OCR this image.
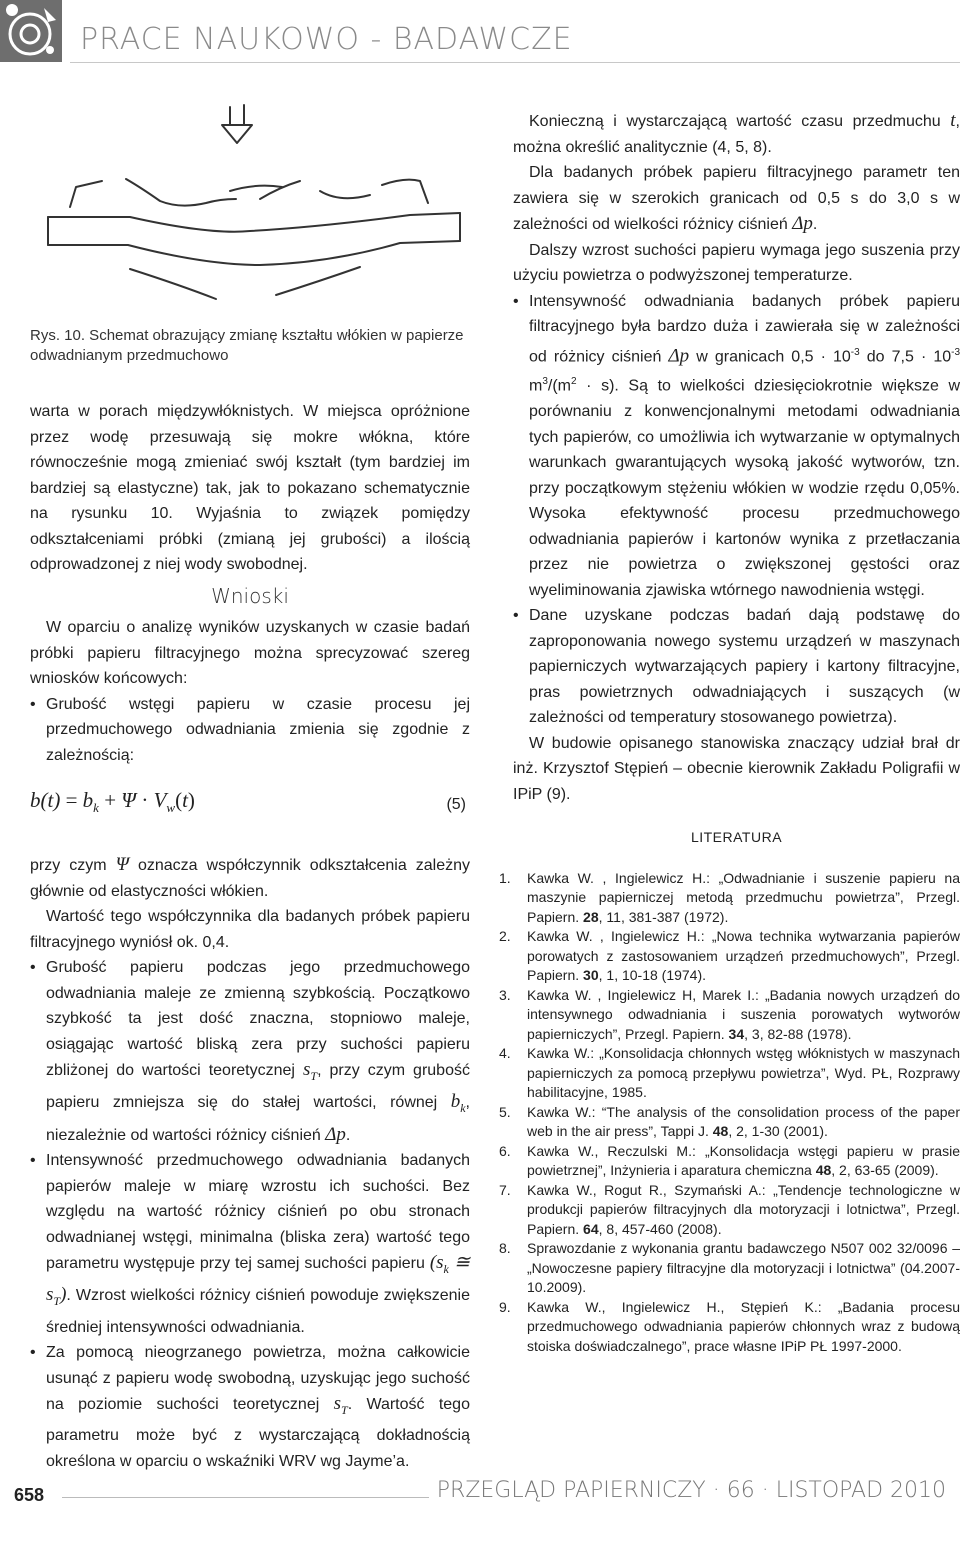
PRACE NAUKOWO - BADAWCZE
Rys. 10. Schemat obrazujący zmianę kształtu włókien w papierze odwadnianym przedmuchowo

warta w porach międzywłóknistych. W miejsca opróżnione przez wodę przesuwają się mokre włókna, które równocześnie mogą zmieniać swój kształt (tym bardziej im bardziej są elastyczne) tak, jak to pokazano schematycznie na rysunku 10. Wyjaśnia to związek pomiędzy odkształceniami próbki (zmianą jej grubości) a ilością odprowadzonej z niej wody swobodnej.

Wnioski

W oparciu o analizę wyników uzyskanych w czasie badań próbki papieru filtracyjnego można sprecyzować szereg wniosków końcowych:

• Grubość wstęgi papieru w czasie procesu jej przedmuchowego odwadniania zmienia się zgodnie z zależnością:
$b(t) = b_k + \Psi \cdot V_w(t)$	(5)

przy czym Ψ oznacza współczynnik odkształcenia zależny głównie od elastyczności włókien.

Wartość tego współczynnika dla badanych próbek papieru filtracyjnego wyniósł ok. 0,4.

• Grubość papieru podczas jego przedmuchowego odwadniania maleje ze zmienną szybkością. Początkowo szybkość ta jest dość znaczna, stopniowo maleje, osiągając wartość bliską zera przy suchości papieru zbliżonej do wartości teoretycznej $s_T$, przy czym grubość papieru zmniejsza się do stałej wartości, równej $b_k$, niezależnie od wartości różnicy ciśnień Δp.
• Intensywność przedmuchowego odwadniania badanych papierów maleje w miarę wzrostu ich suchości. Bez względu na wartość różnicy ciśnień po obu stronach odwadnianej wstęgi, minimalna (bliska zera) wartość tego parametru występuje przy tej samej suchości papieru ($s_k$ ≅ $s_T$). Wzrost wielkości różnicy ciśnień powoduje zwiększenie średniej intensywności odwadniania.
• Za pomocą nieogrzanego powietrza, można całkowicie usunąć z papieru wodę swobodną, uzyskując jego suchość na poziomie suchości teoretycznej $s_T$. Wartość tego parametru może być z wystarczającą dokładnością określona w oparciu o wskaźniki WRV wg Jayme’a.

Konieczną i wystarczającą wartość czasu przedmuchu t, można określić analitycznie (4, 5, 8).

Dla badanych próbek papieru filtracyjnego parametr ten zawiera się w szerokich granicach od 0,5 s do 3,0 s w zależności od wielkości różnicy ciśnień Δp.

Dalszy wzrost suchości papieru wymaga jego suszenia przy użyciu powietrza o podwyższonej temperaturze.

• Intensywność odwadniania badanych próbek papieru filtracyjnego była bardzo duża i zawierała się w zależności od różnicy ciśnień Δp w granicach $0,5 \cdot 10^{-3}$ do $7,5 \cdot 10^{-3}$ $m^3/(m^2 \cdot s)$. Są to wielkości dziesięciokrotnie większe w porównaniu z konwencjonalnymi metodami odwadniania tych papierów, co umożliwia ich wytwarzanie w optymalnych warunkach gwarantujących wysoką jakość wytworów, tzn. przy początkowym stężeniu włókien w wodzie rzędu 0,05%. Wysoka efektywność procesu przedmuchowego odwadniania papierów i kartonów wynika z przetłaczania przez nie powietrza o zwiększonej gęstości oraz wyeliminowania zjawiska wtórnego nawodnienia wstęgi.
• Dane uzyskane podczas badań dają podstawę do zaproponowania nowego systemu urządzeń w maszynach papierniczych wytwarzających papiery i kartony filtracyjne, pras powietrznych odwadniających i suszących (w zależności od temperatury stosowanego powietrza).

W budowie opisanego stanowiska znaczący udział brał dr inż. Krzysztof Stępień – obecnie kierownik Zakładu Poligrafii w IPiP (9).

LITERATURA
1. Kawka W. , Ingielewicz H.: „Odwadnianie i suszenie papieru na maszynie papierniczej metodą przedmuchu powietrza”, Przegl. Papiern. 28, 11, 381-387 (1972).
2. Kawka W. , Ingielewicz H.: „Nowa technika wytwarzania papierów porowatych z zastosowaniem urządzeń przedmuchowych”, Przegl. Papiern. 30, 1, 10-18 (1974).
3. Kawka W. , Ingielewicz H, Marek I.: „Badania nowych urządzeń do intensywnego odwadniania i suszenia porowatych wytworów papierniczych”, Przegl. Papiern. 34, 3, 82-88 (1978).
4. Kawka W.: „Konsolidacja chłonnych wstęg włóknistych w maszynach papierniczych za pomocą przepływu powietrza”, Wyd. PŁ, Rozprawy habilitacyjne, 1985.
5. Kawka W.: “The analysis of the consolidation process of the paper web in the air press”, Tappi J. 48, 2, 1-30 (2001).
6. Kawka W., Reczulski M.: „Konsolidacja wstęgi papieru w prasie powietrznej”, Inżynieria i aparatura chemiczna 48, 2, 63-65 (2009).
7. Kawka W., Rogut R., Szymański A.: „Tendencje technologiczne w produkcji papierów filtracyjnych dla motoryzacji i lotnictwa”, Przegl. Papiern. 64, 8, 457-460 (2008).
8. Sprawozdanie z wykonania grantu badawczego N507 002 32/0096 – „Nowoczesne papiery filtracyjne dla motoryzacji i lotnictwa” (04.2007-10.2009).
9. Kawka W., Ingielewicz H., Stępień K.: „Badania procesu przedmuchowego odwadniania papierów chłonnych wraz z budową stoiska doświadczalnego”, prace własne IPiP PŁ 1997-2000.
658	PRZEGLĄD PAPIERNICZY · 66 · LISTOPAD 2010
